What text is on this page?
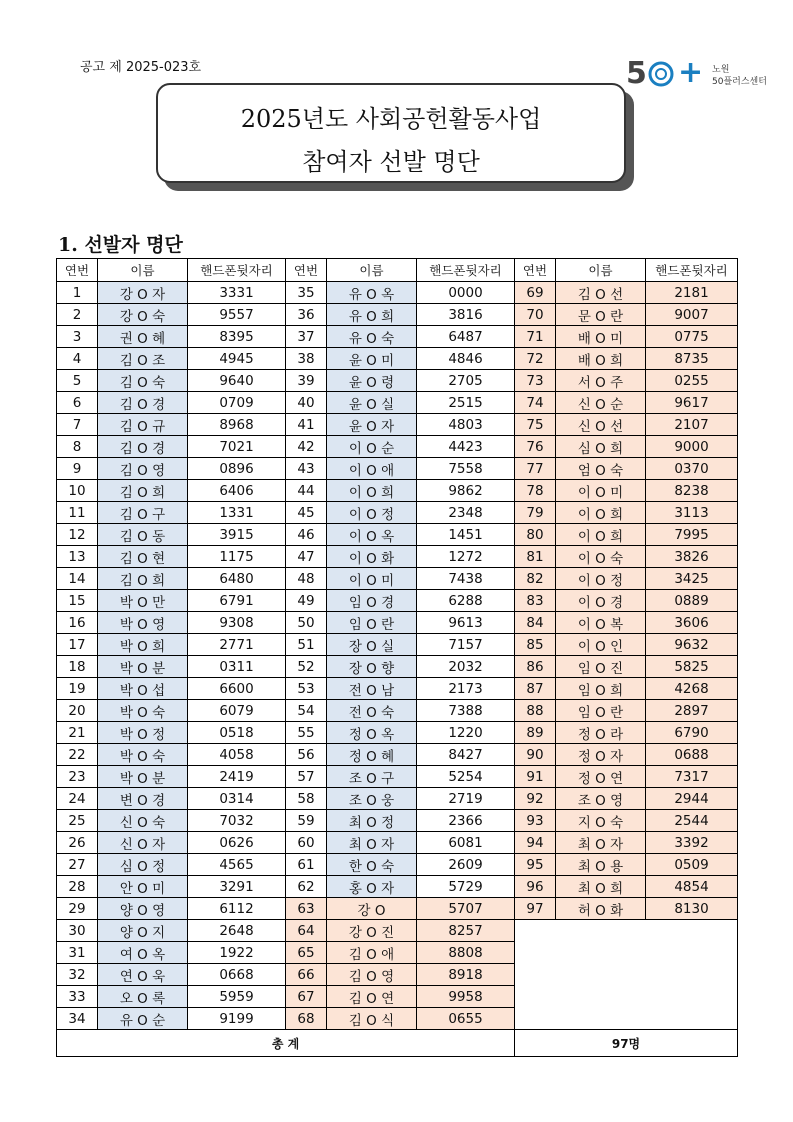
공고 제 2025-023호	5 + 노원
50플러스센터
2025년도 사회공헌활동사업
참여자 선발 명단
1. 선발자 명단
연번	이름	핸드폰뒷자리	연번	이름	핸드폰뒷자리	연번	이름	핸드폰뒷자리
1	강 O 자	3331	35	유 O 옥	0000	69	김 O 선	2181
2	강 O 숙	9557	36	유 O 희	3816	70	문 O 란	9007
3	권 O 혜	8395	37	유 O 숙	6487	71	배 O 미	0775
4	김 O 조	4945	38	윤 O 미	4846	72	배 O 희	8735
5	김 O 숙	9640	39	윤 O 령	2705	73	서 O 주	0255
6	김 O 경	0709	40	윤 O 실	2515	74	신 O 순	9617
7	김 O 규	8968	41	윤 O 자	4803	75	신 O 선	2107
8	김 O 경	7021	42	이 O 순	4423	76	심 O 희	9000
9	김 O 영	0896	43	이 O 애	7558	77	엄 O 숙	0370
10	김 O 희	6406	44	이 O 희	9862	78	이 O 미	8238
11	김 O 구	1331	45	이 O 정	2348	79	이 O 희	3113
12	김 O 동	3915	46	이 O 옥	1451	80	이 O 희	7995
13	김 O 현	1175	47	이 O 화	1272	81	이 O 숙	3826
14	김 O 희	6480	48	이 O 미	7438	82	이 O 정	3425
15	박 O 만	6791	49	임 O 경	6288	83	이 O 경	0889
16	박 O 영	9308	50	임 O 란	9613	84	이 O 복	3606
17	박 O 희	2771	51	장 O 실	7157	85	이 O 인	9632
18	박 O 분	0311	52	장 O 향	2032	86	임 O 진	5825
19	박 O 섭	6600	53	전 O 남	2173	87	임 O 희	4268
20	박 O 숙	6079	54	전 O 숙	7388	88	임 O 란	2897
21	박 O 정	0518	55	정 O 옥	1220	89	정 O 라	6790
22	박 O 숙	4058	56	정 O 혜	8427	90	정 O 자	0688
23	박 O 분	2419	57	조 O 구	5254	91	정 O 연	7317
24	변 O 경	0314	58	조 O 웅	2719	92	조 O 영	2944
25	신 O 숙	7032	59	최 O 정	2366	93	지 O 숙	2544
26	신 O 자	0626	60	최 O 자	6081	94	최 O 자	3392
27	심 O 정	4565	61	한 O 숙	2609	95	최 O 용	0509
28	안 O 미	3291	62	홍 O 자	5729	96	최 O 희	4854
29	양 O 영	6112	63	강 O	5707	97	허 O 화	8130
30	양 O 지	2648	64	강 O 진	8257			
31	여 O 옥	1922	65	김 O 애	8808			
32	연 O 욱	0668	66	김 O 영	8918			
33	오 O 록	5959	67	김 O 연	9958			
34	유 O 순	9199	68	김 O 식	0655			
총 계						97명		
